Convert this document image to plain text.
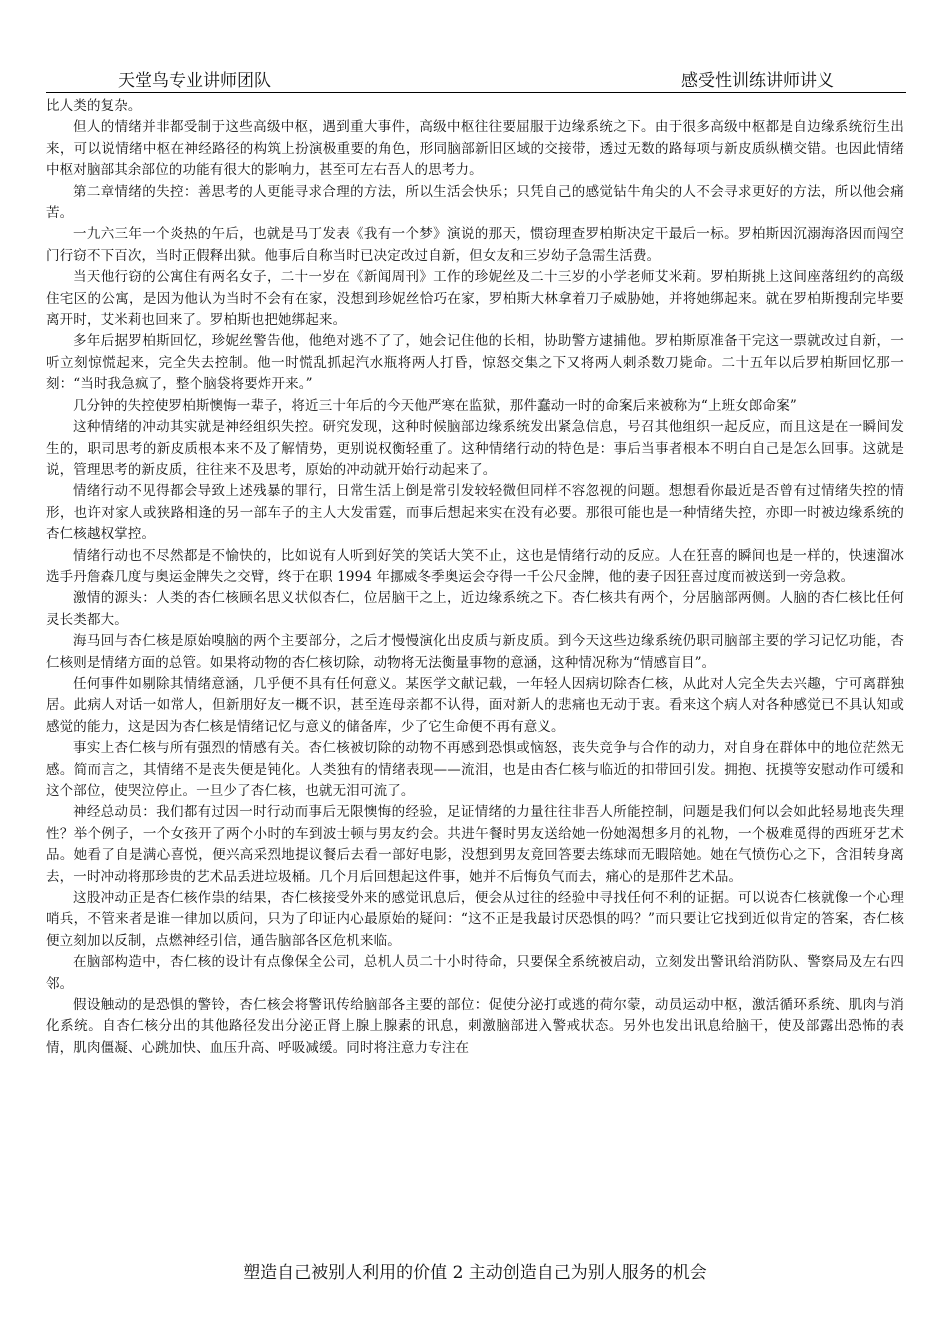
天堂鸟专业讲师团队	感受性训练讲师讲义

比人类的复杂。

但人的情绪并非都受制于这些高级中枢，遇到重大事件，高级中枢往往要屈服于边缘系统之下。由于很多高级中枢都是自边缘系统衍生出来，可以说情绪中枢在神经路径的构筑上扮演极重要的角色，形同脑部新旧区域的交接带，透过无数的路每项与新皮质纵横交错。也因此情绪中枢对脑部其余部位的功能有很大的影响力，甚至可左右吾人的思考力。

第二章情绪的失控：善思考的人更能寻求合理的方法，所以生活会快乐；只凭自己的感觉钻牛角尖的人不会寻求更好的方法，所以他会痛苦。

一九六三年一个炎热的午后，也就是马丁发表《我有一个梦》演说的那天，惯窃理查罗柏斯决定干最后一标。罗柏斯因沉溺海洛因而闯空门行窃不下百次，当时正假释出狱。他事后自称当时已决定改过自新，但女友和三岁幼子急需生活费。

当天他行窃的公寓住有两名女子，二十一岁在《新闻周刊》工作的珍妮丝及二十三岁的小学老师艾米莉。罗柏斯挑上这间座落纽约的高级住宅区的公寓，是因为他认为当时不会有在家，没想到珍妮丝恰巧在家，罗柏斯大林拿着刀子威胁她，并将她绑起来。就在罗柏斯搜刮完毕要离开时，艾米莉也回来了。罗柏斯也把她绑起来。

多年后据罗柏斯回忆，珍妮丝警告他，他绝对逃不了了，她会记住他的长相，协助警方逮捕他。罗柏斯原准备干完这一票就改过自新，一听立刻惊慌起来，完全失去控制。他一时慌乱抓起汽水瓶将两人打昏，惊怒交集之下又将两人刺杀数刀毙命。二十五年以后罗柏斯回忆那一刻：“当时我急疯了，整个脑袋将要炸开来。”

几分钟的失控使罗柏斯懊悔一辈子，将近三十年后的今天他严寒在监狱，那件蠢动一时的命案后来被称为“上班女郎命案”

这种情绪的冲动其实就是神经组织失控。研究发现，这种时候脑部边缘系统发出紧急信息，号召其他组织一起反应，而且这是在一瞬间发生的，职司思考的新皮质根本来不及了解情势，更别说权衡轻重了。这种情绪行动的特色是：事后当事者根本不明白自己是怎么回事。这就是说，管理思考的新皮质，往往来不及思考，原始的冲动就开始行动起来了。

情绪行动不见得都会导致上述残暴的罪行，日常生活上倒是常引发较轻微但同样不容忽视的问题。想想看你最近是否曾有过情绪失控的情形，也许对家人或狭路相逢的另一部车子的主人大发雷霆，而事后想起来实在没有必要。那很可能也是一种情绪失控，亦即一时被边缘系统的杏仁核越权掌控。

情绪行动也不尽然都是不愉快的，比如说有人听到好笑的笑话大笑不止，这也是情绪行动的反应。人在狂喜的瞬间也是一样的，快速溜冰选手丹詹森几度与奥运金牌失之交臂，终于在职 1994 年挪威冬季奥运会夺得一千公尺金牌，他的妻子因狂喜过度而被送到一旁急救。

激情的源头：人类的杏仁核顾名思义状似杏仁，位居脑干之上，近边缘系统之下。杏仁核共有两个，分居脑部两侧。人脑的杏仁核比任何灵长类都大。

海马回与杏仁核是原始嗅脑的两个主要部分，之后才慢慢演化出皮质与新皮质。到今天这些边缘系统仍职司脑部主要的学习记忆功能，杏仁核则是情绪方面的总管。如果将动物的杏仁核切除，动物将无法衡量事物的意涵，这种情况称为“情感盲目”。

任何事件如剔除其情绪意涵，几乎便不具有任何意义。某医学文献记载，一年轻人因病切除杏仁核，从此对人完全失去兴趣，宁可离群独居。此病人对话一如常人，但新朋好友一概不识，甚至连母亲都不认得，面对新人的悲痛也无动于衷。看来这个病人对各种感觉已不具认知或感觉的能力，这是因为杏仁核是情绪记忆与意义的储备库，少了它生命便不再有意义。

事实上杏仁核与所有强烈的情感有关。杏仁核被切除的动物不再感到恐惧或恼怒，丧失竞争与合作的动力，对自身在群体中的地位茫然无感。简而言之，其情绪不是丧失便是钝化。人类独有的情绪表现——流泪，也是由杏仁核与临近的扣带回引发。拥抱、抚摸等安慰动作可缓和这个部位，使哭泣停止。一旦少了杏仁核，也就无泪可流了。

神经总动员：我们都有过因一时行动而事后无限懊悔的经验，足证情绪的力量往往非吾人所能控制，问题是我们何以会如此轻易地丧失理性？举个例子，一个女孩开了两个小时的车到波士顿与男友约会。共进午餐时男友送给她一份她渴想多月的礼物，一个极难觅得的西班牙艺术品。她看了自是满心喜悦，便兴高采烈地提议餐后去看一部好电影，没想到男友竟回答要去练球而无暇陪她。她在气愤伤心之下，含泪转身离去，一时冲动将那珍贵的艺术品丢进垃圾桶。几个月后回想起这件事，她并不后悔负气而去，痛心的是那件艺术品。

这股冲动正是杏仁核作祟的结果，杏仁核接受外来的感觉讯息后，便会从过往的经验中寻找任何不利的证据。可以说杏仁核就像一个心理哨兵，不管来者是谁一律加以质问，只为了印证内心最原始的疑问：“这不正是我最讨厌恐惧的吗？”而只要让它找到近似肯定的答案，杏仁核便立刻加以反制，点燃神经引信，通告脑部各区危机来临。

在脑部构造中，杏仁核的设计有点像保全公司，总机人员二十小时待命，只要保全系统被启动，立刻发出警讯给消防队、警察局及左右四邻。

假设触动的是恐惧的警铃，杏仁核会将警讯传给脑部各主要的部位：促使分泌打或逃的荷尔蒙，动员运动中枢，激活循环系统、肌肉与消化系统。自杏仁核分出的其他路径发出分泌正肾上腺上腺素的讯息，刺激脑部进入警戒状态。另外也发出讯息给脑干，使及部露出恐怖的表情，肌肉僵凝、心跳加快、血压升高、呼吸减缓。同时将注意力专注在

塑造自己被别人利用的价值 2 主动创造自己为别人服务的机会
